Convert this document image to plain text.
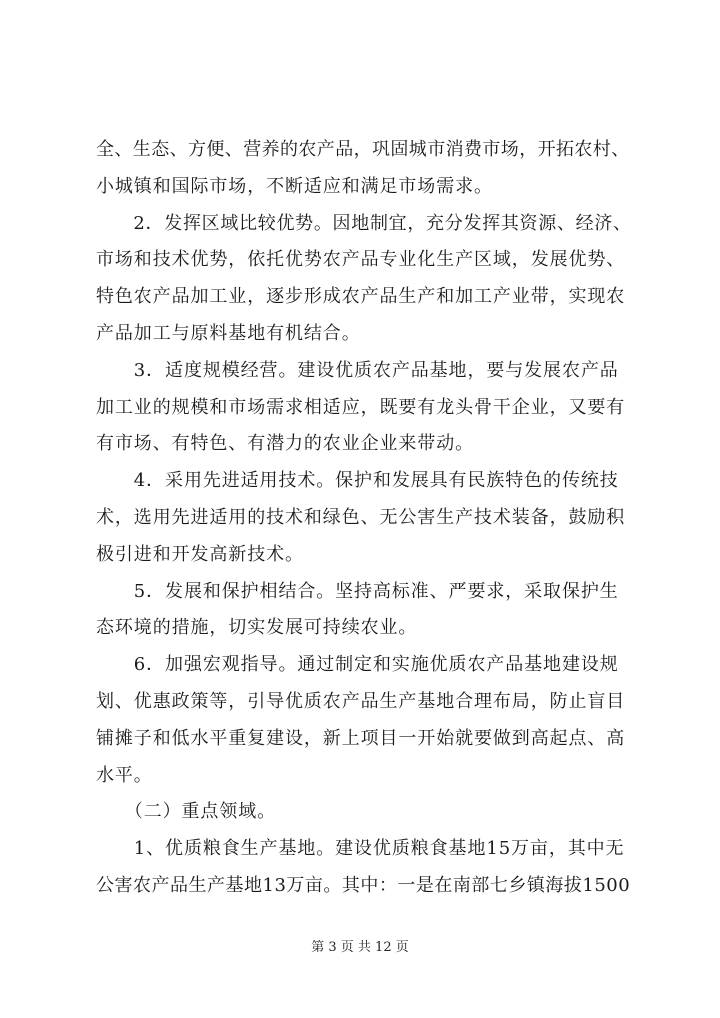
全、生态、方便、营养的农产品，巩固城市消费市场，开拓农村、
小城镇和国际市场，不断适应和满足市场需求。
　　2．发挥区域比较优势。因地制宜，充分发挥其资源、经济、
市场和技术优势，依托优势农产品专业化生产区域，发展优势、
特色农产品加工业，逐步形成农产品生产和加工产业带，实现农
产品加工与原料基地有机结合。
　　3．适度规模经营。建设优质农产品基地，要与发展农产品
加工业的规模和市场需求相适应，既要有龙头骨干企业，又要有
有市场、有特色、有潜力的农业企业来带动。
　　4．采用先进适用技术。保护和发展具有民族特色的传统技
术，选用先进适用的技术和绿色、无公害生产技术装备，鼓励积
极引进和开发高新技术。
　　5．发展和保护相结合。坚持高标准、严要求，采取保护生
态环境的措施，切实发展可持续农业。
　　6．加强宏观指导。通过制定和实施优质农产品基地建设规
划、优惠政策等，引导优质农产品生产基地合理布局，防止盲目
铺摊子和低水平重复建设，新上项目一开始就要做到高起点、高
水平。
　　（二）重点领域。
　　1、优质粮食生产基地。建设优质粮食基地15万亩，其中无
公害农产品生产基地13万亩。其中：一是在南部七乡镇海拔1500
第 3 页 共 12 页
